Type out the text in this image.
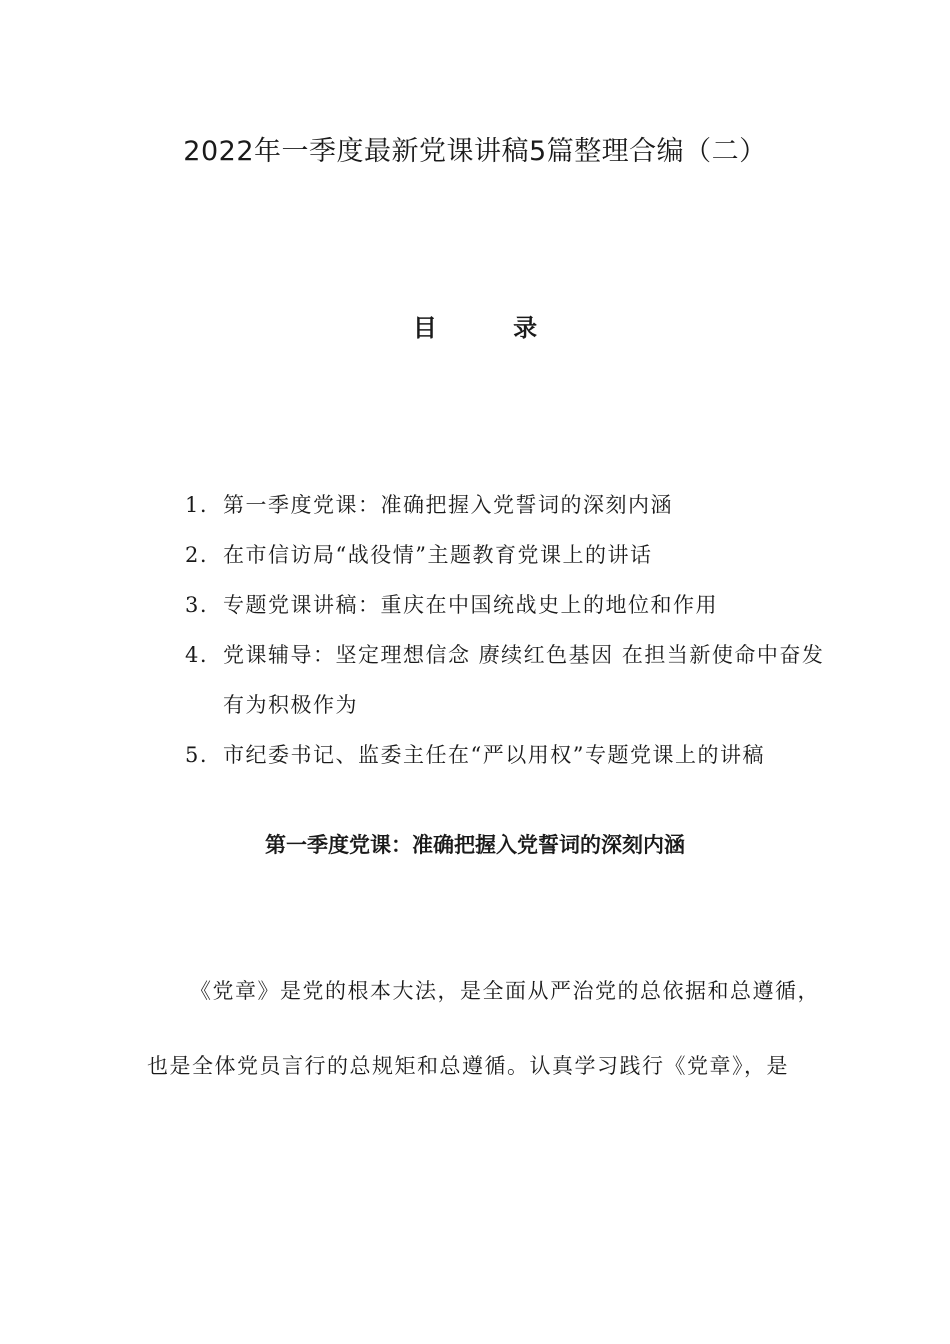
2022年一季度最新党课讲稿5篇整理合编（二）
目 录
1. 第一季度党课：准确把握入党誓词的深刻内涵
2. 在市信访局“战役情”主题教育党课上的讲话
3. 专题党课讲稿：重庆在中国统战史上的地位和作用
4. 党课辅导：坚定理想信念 赓续红色基因 在担当新使命中奋发有为积极作为
5. 市纪委书记、监委主任在“严以用权”专题党课上的讲稿
第一季度党课：准确把握入党誓词的深刻内涵
《党章》是党的根本大法，是全面从严治党的总依据和总遵循，
也是全体党员言行的总规矩和总遵循。认真学习践行《党章》，是
